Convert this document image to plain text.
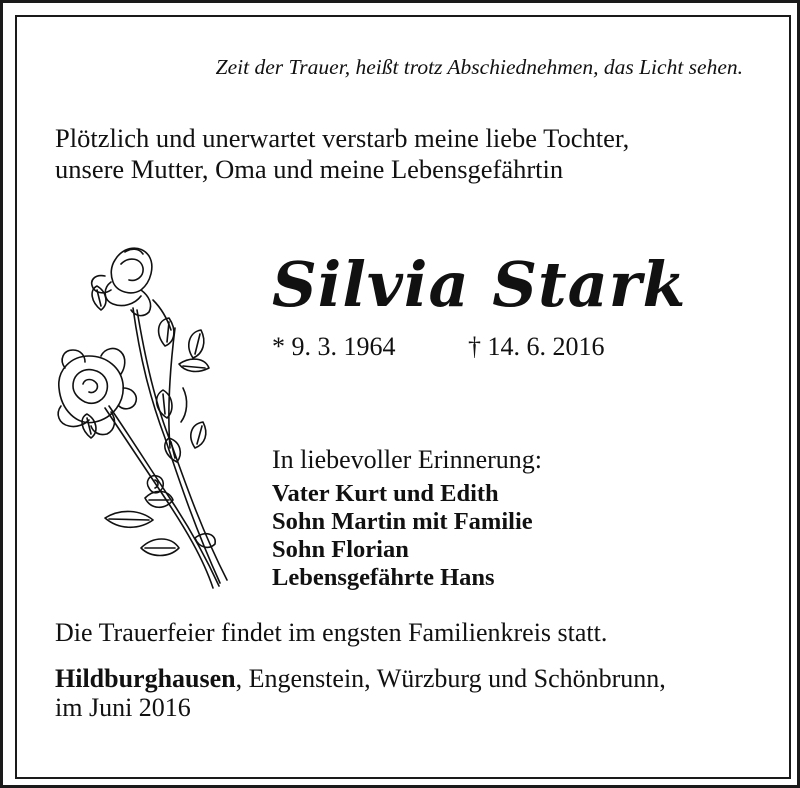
Zeit der Trauer, heißt trotz Abschiednehmen, das Licht sehen.
Plötzlich und unerwartet verstarb meine liebe Tochter,
unsere Mutter, Oma und meine Lebensgefährtin
Silvia Stark
* 9. 3. 1964	† 14. 6. 2016
In liebevoller Erinnerung:
Vater Kurt und Edith
Sohn Martin mit Familie
Sohn Florian
Lebensgefährte Hans
Die Trauerfeier findet im engsten Familienkreis statt.
Hildburghausen, Engenstein, Würzburg und Schönbrunn,
im Juni 2016
